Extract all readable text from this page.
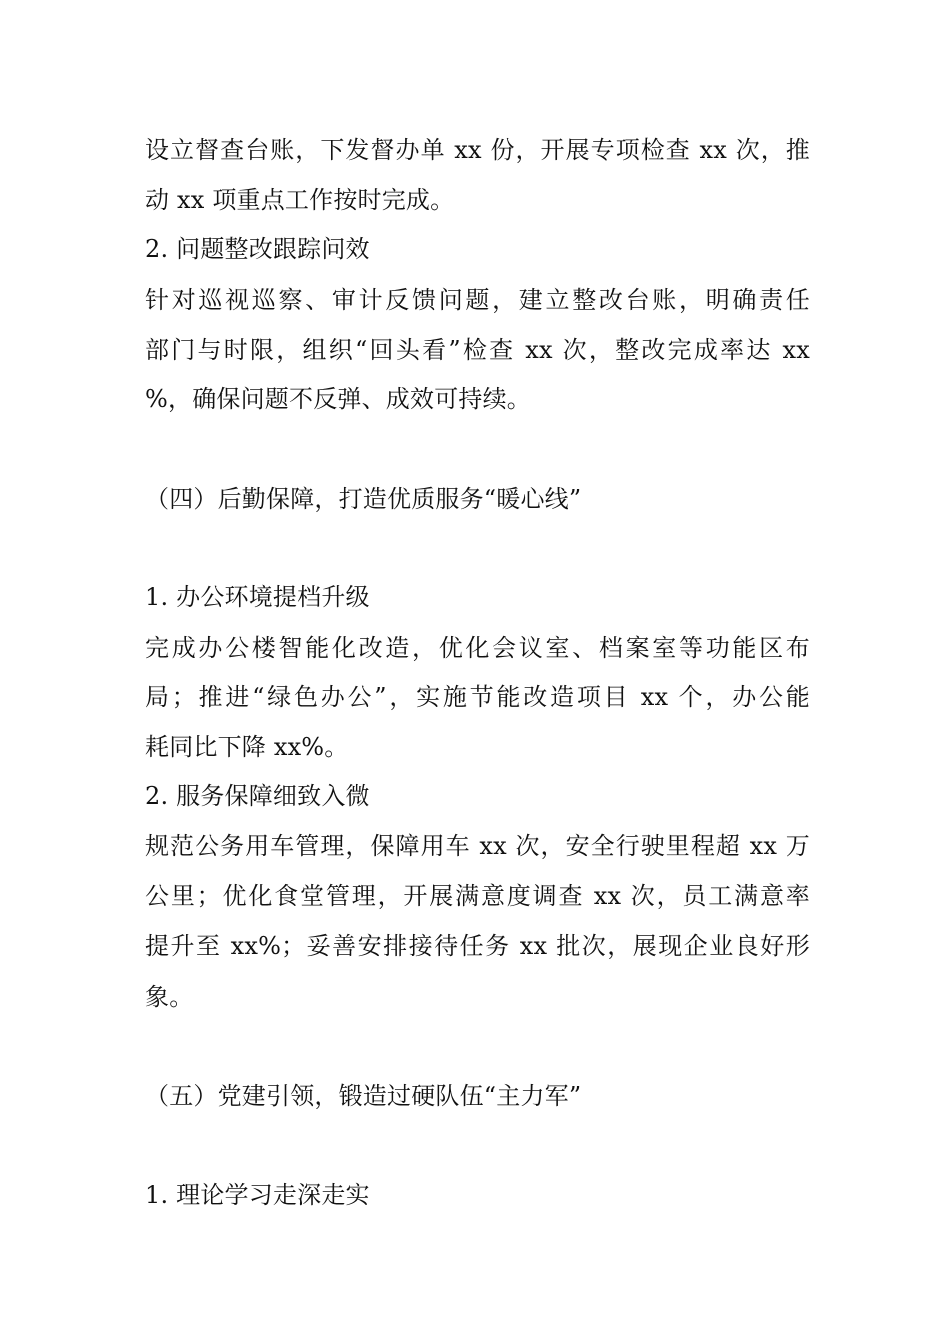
设立督查台账，下发督办单 xx 份，开展专项检查 xx 次，推
动 xx 项重点工作按时完成。
2. 问题整改跟踪问效
针对巡视巡察、审计反馈问题，建立整改台账，明确责任
部门与时限，组织“回头看”检查 xx 次，整改完成率达 xx
%，确保问题不反弹、成效可持续。
（四）后勤保障，打造优质服务“暖心线”
1. 办公环境提档升级
完成办公楼智能化改造，优化会议室、档案室等功能区布
局；推进“绿色办公”，实施节能改造项目 xx 个，办公能
耗同比下降 xx%。
2. 服务保障细致入微
规范公务用车管理，保障用车 xx 次，安全行驶里程超 xx 万
公里；优化食堂管理，开展满意度调查 xx 次，员工满意率
提升至 xx%；妥善安排接待任务 xx 批次，展现企业良好形
象。
（五）党建引领，锻造过硬队伍“主力军”
1. 理论学习走深走实
